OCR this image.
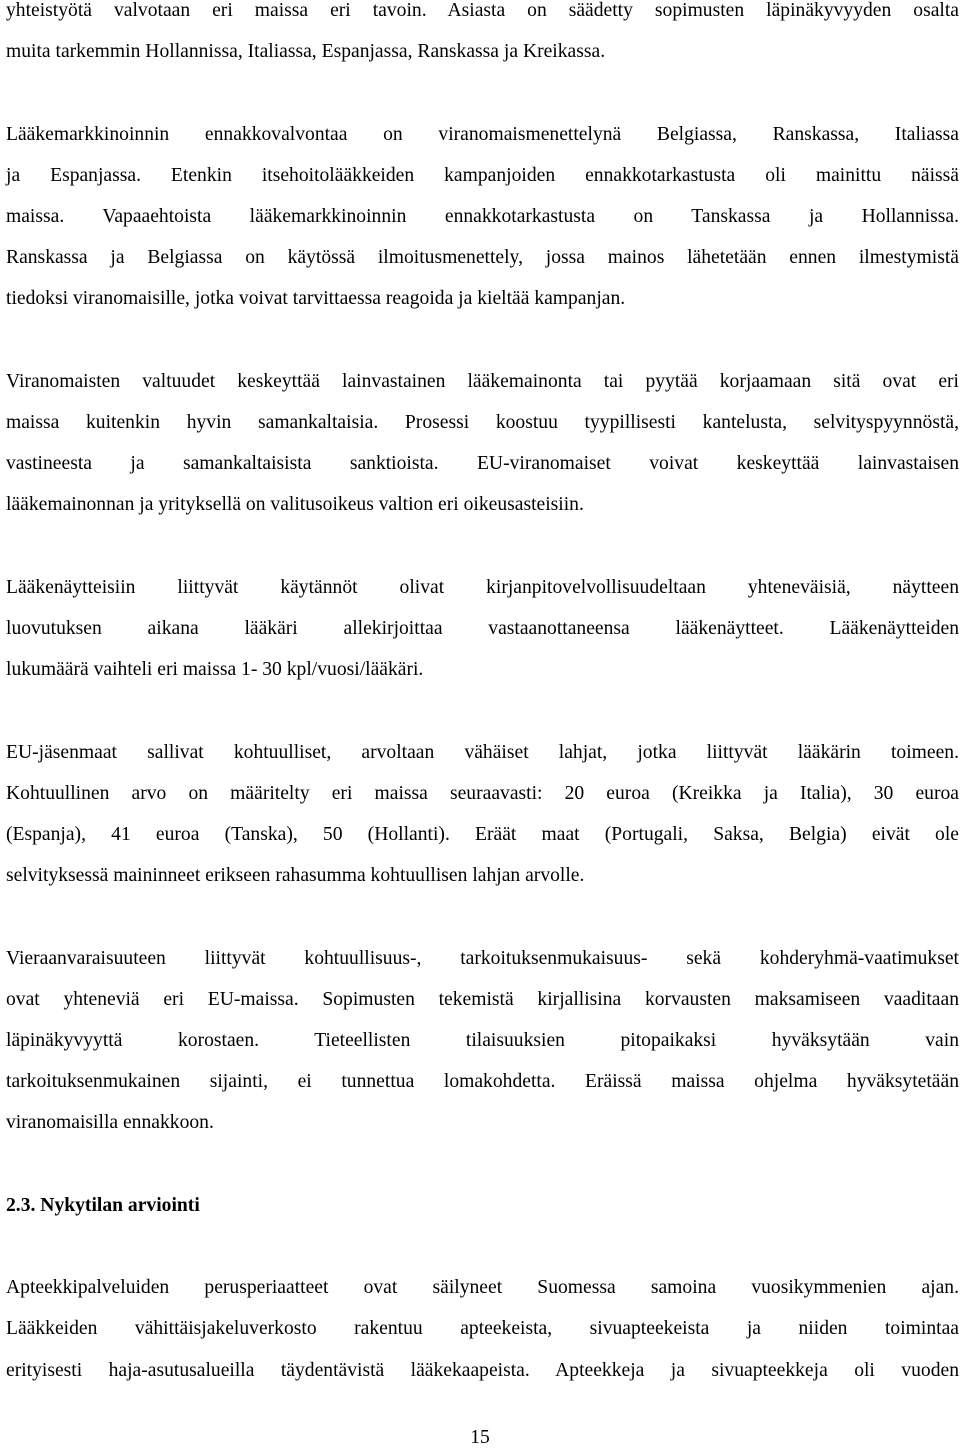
yhteistyötä valvotaan eri maissa eri tavoin. Asiasta on säädetty sopimusten läpinäkyvyyden osalta
muita tarkemmin Hollannissa, Italiassa, Espanjassa, Ranskassa ja Kreikassa.

Lääkemarkkinoinnin ennakkovalvontaa on viranomaismenettelynä Belgiassa, Ranskassa, Italiassa
ja Espanjassa. Etenkin itsehoitolääkkeiden kampanjoiden ennakkotarkastusta oli mainittu näissä
maissa. Vapaaehtoista lääkemarkkinoinnin ennakkotarkastusta on Tanskassa ja Hollannissa.
Ranskassa ja Belgiassa on käytössä ilmoitusmenettely, jossa mainos lähetetään ennen ilmestymistä
tiedoksi viranomaisille, jotka voivat tarvittaessa reagoida ja kieltää kampanjan.

Viranomaisten valtuudet keskeyttää lainvastainen lääkemainonta tai pyytää korjaamaan sitä ovat eri
maissa kuitenkin hyvin samankaltaisia. Prosessi koostuu tyypillisesti kantelusta, selvityspyynnöstä,
vastineesta ja samankaltaisista sanktioista. EU-viranomaiset voivat keskeyttää lainvastaisen
lääkemainonnan ja yrityksellä on valitusoikeus valtion eri oikeusasteisiin.

Lääkenäytteisiin liittyvät käytännöt olivat kirjanpitovelvollisuudeltaan yhteneväisiä, näytteen
luovutuksen aikana lääkäri allekirjoittaa vastaanottaneensa lääkenäytteet. Lääkenäytteiden
lukumäärä vaihteli eri maissa 1- 30 kpl/vuosi/lääkäri.

EU-jäsenmaat sallivat kohtuulliset, arvoltaan vähäiset lahjat, jotka liittyvät lääkärin toimeen.
Kohtuullinen arvo on määritelty eri maissa seuraavasti: 20 euroa (Kreikka ja Italia), 30 euroa
(Espanja), 41 euroa (Tanska), 50 (Hollanti). Eräät maat (Portugali, Saksa, Belgia) eivät ole
selvityksessä maininneet erikseen rahasumma kohtuullisen lahjan arvolle.

Vieraanvaraisuuteen liittyvät kohtuullisuus-, tarkoituksenmukaisuus- sekä kohderyhmä-vaatimukset
ovat yhteneviä eri EU-maissa. Sopimusten tekemistä kirjallisina korvausten maksamiseen vaaditaan
läpinäkyvyyttä korostaen. Tieteellisten tilaisuuksien pitopaikaksi hyväksytään vain
tarkoituksenmukainen sijainti, ei tunnettua lomakohdetta. Eräissä maissa ohjelma hyväksytetään
viranomaisilla ennakkoon.

2.3. Nykytilan arviointi

Apteekkipalveluiden perusperiaatteet ovat säilyneet Suomessa samoina vuosikymmenien ajan.
Lääkkeiden vähittäisjakeluverkosto rakentuu apteekeista, sivuapteekeista ja niiden toimintaa
erityisesti haja-asutusalueilla täydentävistä lääkekaapeista. Apteekkeja ja sivuapteekkeja oli vuoden

15
